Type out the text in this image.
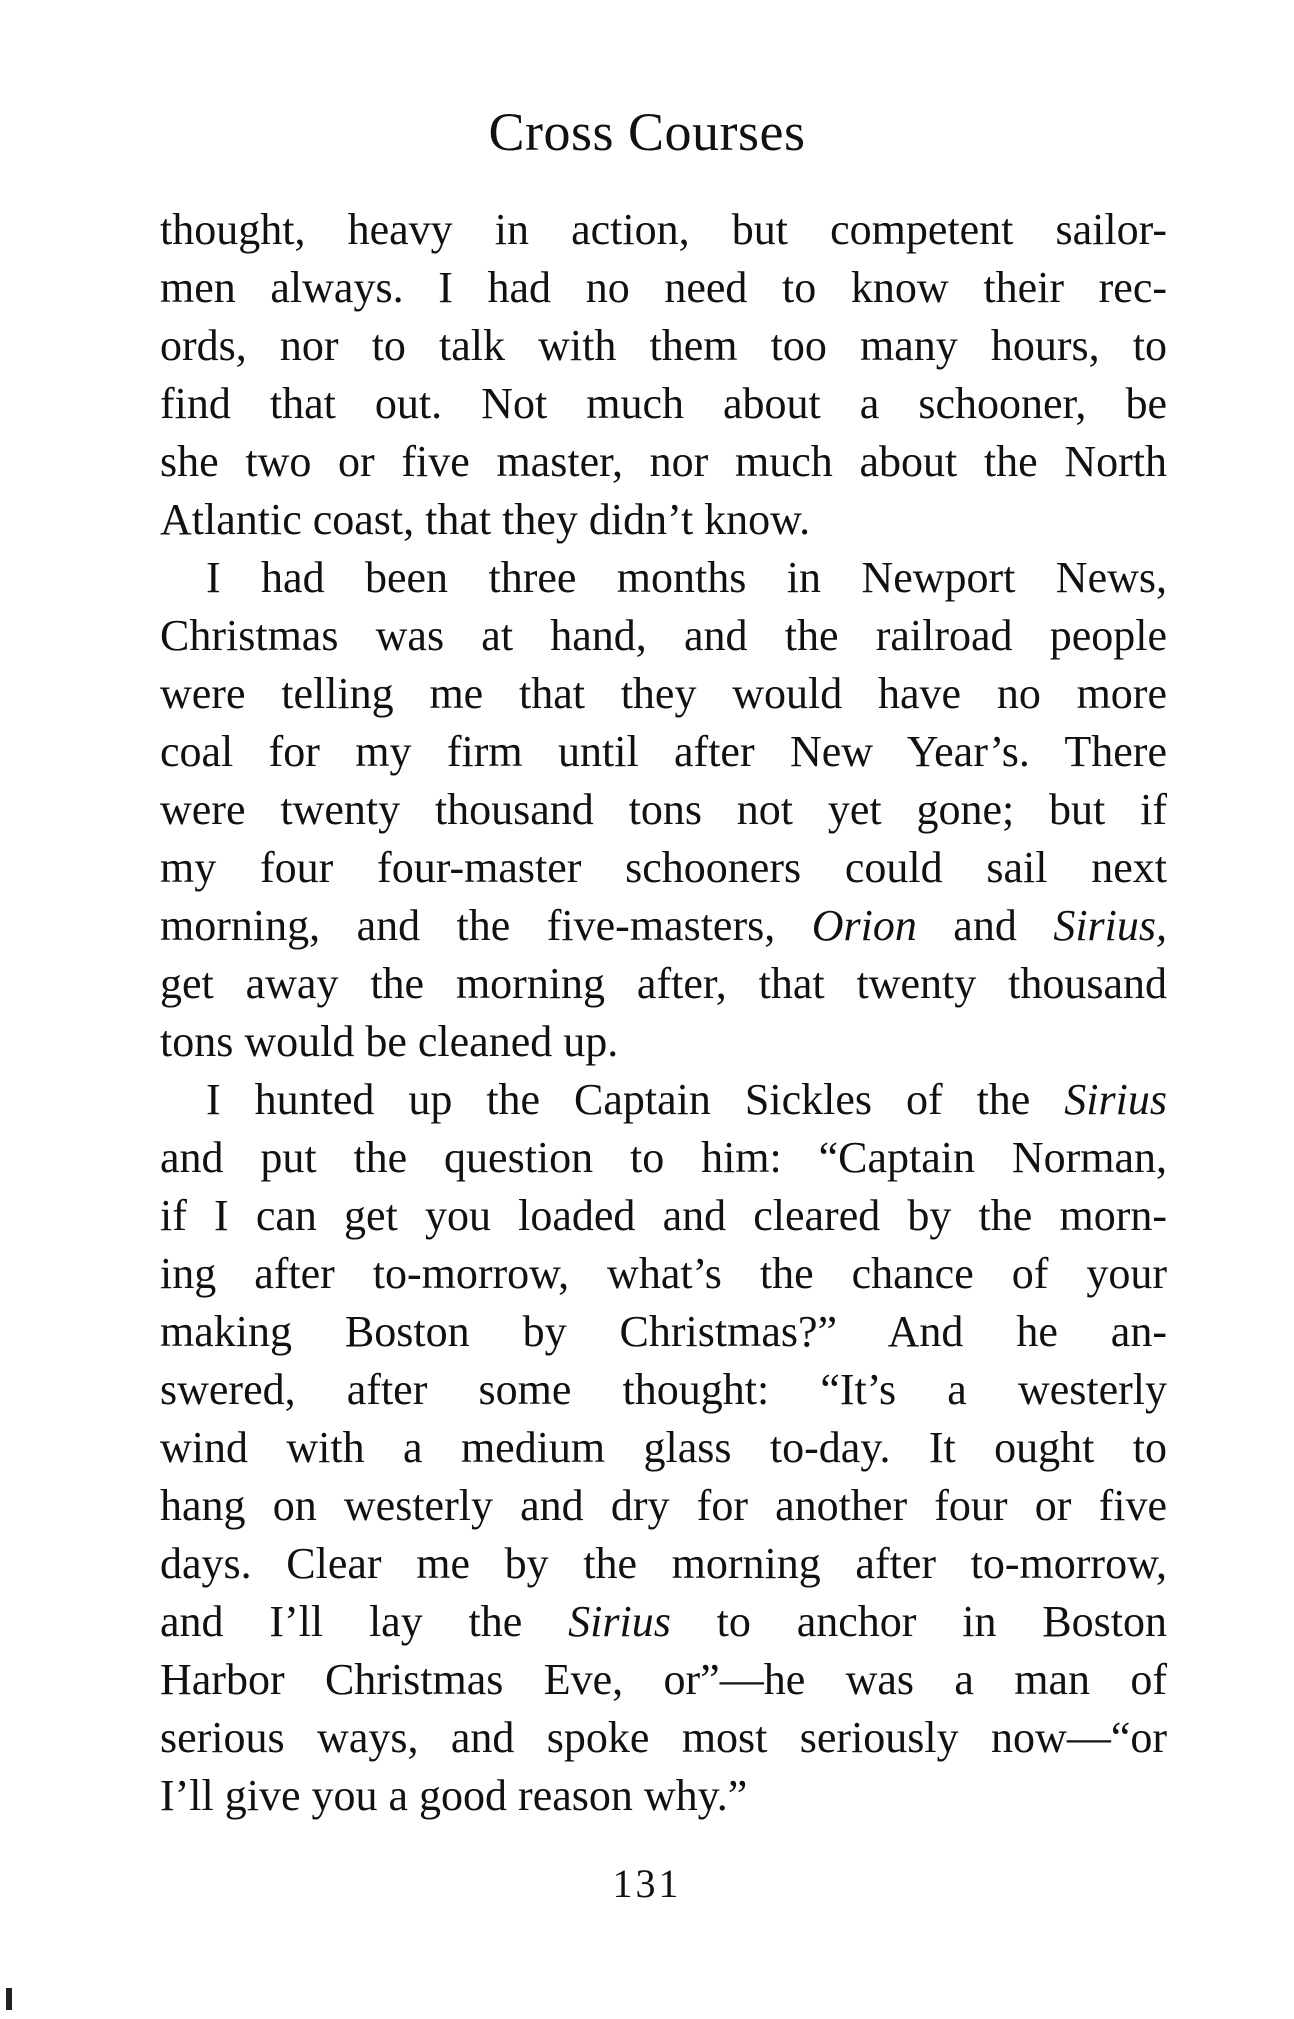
Cross Courses
thought, heavy in action, but competent sailor-
men always. I had no need to know their rec-
ords, nor to talk with them too many hours, to
find that out. Not much about a schooner, be
she two or five master, nor much about the North
Atlantic coast, that they didn’t know.
I had been three months in Newport News,
Christmas was at hand, and the railroad people
were telling me that they would have no more
coal for my firm until after New Year’s. There
were twenty thousand tons not yet gone; but if
my four four-master schooners could sail next
morning, and the five-masters, Orion and Sirius,
get away the morning after, that twenty thousand
tons would be cleaned up.
I hunted up the Captain Sickles of the Sirius
and put the question to him: “Captain Norman,
if I can get you loaded and cleared by the morn-
ing after to-morrow, what’s the chance of your
making Boston by Christmas?” And he an-
swered, after some thought: “It’s a westerly
wind with a medium glass to-day. It ought to
hang on westerly and dry for another four or five
days. Clear me by the morning after to-morrow,
and I’ll lay the Sirius to anchor in Boston
Harbor Christmas Eve, or”—he was a man of
serious ways, and spoke most seriously now—“or
I’ll give you a good reason why.”
131
